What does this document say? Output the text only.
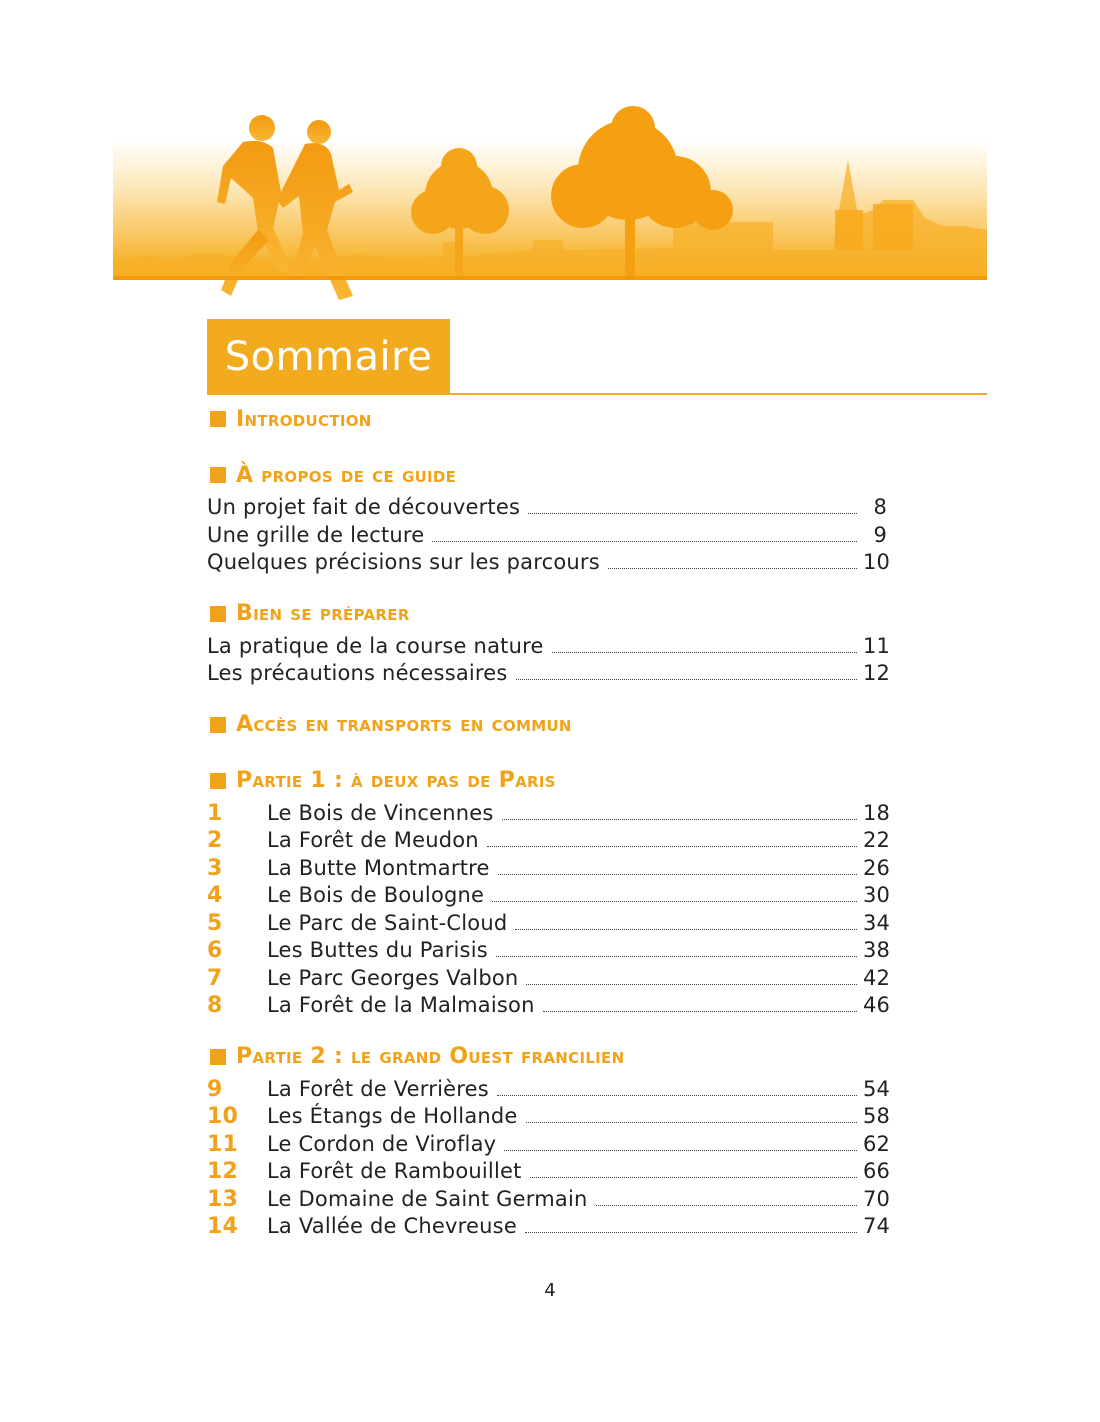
Sommaire
Introduction
À propos de ce guide
Un projet fait de découvertes	8
Une grille de lecture	9
Quelques précisions sur les parcours	10
Bien se préparer
La pratique de la course nature	11
Les précautions nécessaires	12
Accès en transports en commun
Partie 1 : à deux pas de Paris
1	Le Bois de Vincennes	18
2	La Forêt de Meudon	22
3	La Butte Montmartre	26
4	Le Bois de Boulogne	30
5	Le Parc de Saint-Cloud	34
6	Les Buttes du Parisis	38
7	Le Parc Georges Valbon	42
8	La Forêt de la Malmaison	46
Partie 2 : le grand Ouest francilien
9	La Forêt de Verrières	54
10	Les Étangs de Hollande	58
11	Le Cordon de Viroflay	62
12	La Forêt de Rambouillet	66
13	Le Domaine de Saint Germain	70
14	La Vallée de Chevreuse	74
4
